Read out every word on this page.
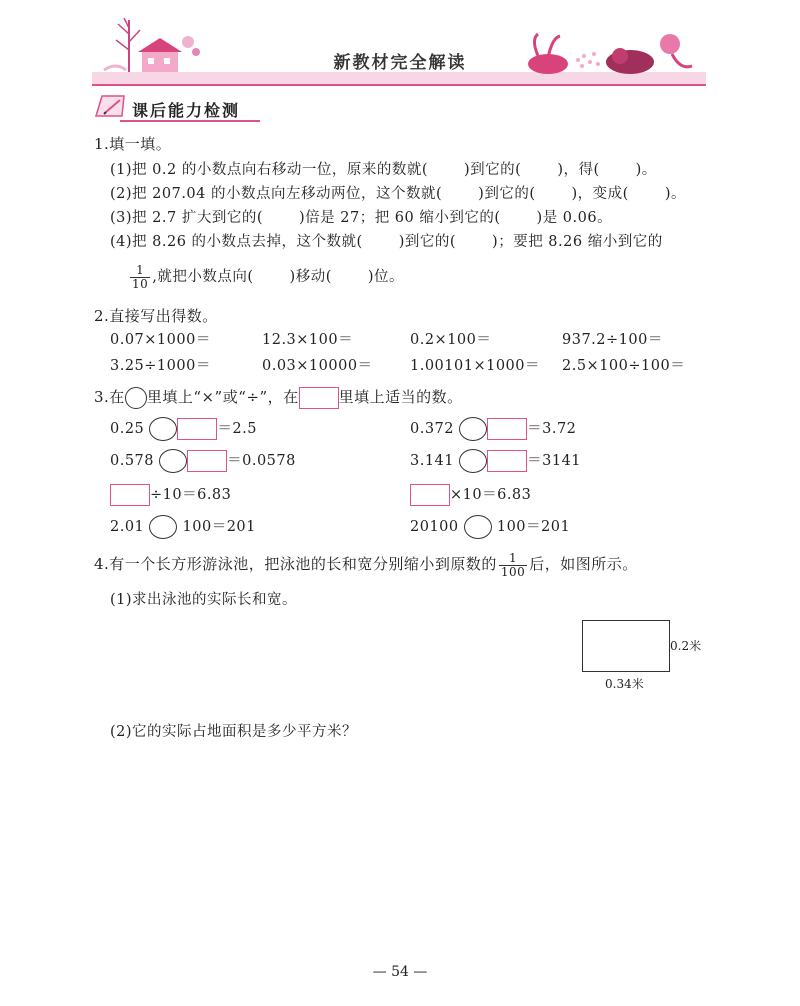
新教材完全解读
课后能力检测
1.填一填。
(1)把 0.2 的小数点向右移动一位，原来的数就( )到它的( )，得( )。
(2)把 207.04 的小数点向左移动两位，这个数就( )到它的( )，变成( )。
(3)把 2.7 扩大到它的( )倍是 27；把 60 缩小到它的( )是 0.06。
(4)把 8.26 的小数点去掉，这个数就( )到它的( )；要把 8.26 缩小到它的
$\frac{1}{10}$ ,就把小数点向( )移动( )位。
2.直接写出得数。
0.07×1000＝	12.3×100＝	0.2×100＝	937.2÷100＝
3.25÷1000＝	0.03×10000＝	1.00101×1000＝ 2.5×100÷100＝
3.在 里填上“×”或“÷”，在	里填上适当的数。
0.25	＝2.5	0.372	＝3.72
0.578	＝0.0578	3.141	＝3141
÷10＝6.83	×10＝6.83
2.01	100＝201	20100	100＝201
4.有一个长方形游泳池，把泳池的长和宽分别缩小到原数的 $\frac{1}{100}$ 后，如图所示。
(1)求出泳池的实际长和宽。
0.2米
0.34米
(2)它的实际占地面积是多少平方米？
— 54 —
